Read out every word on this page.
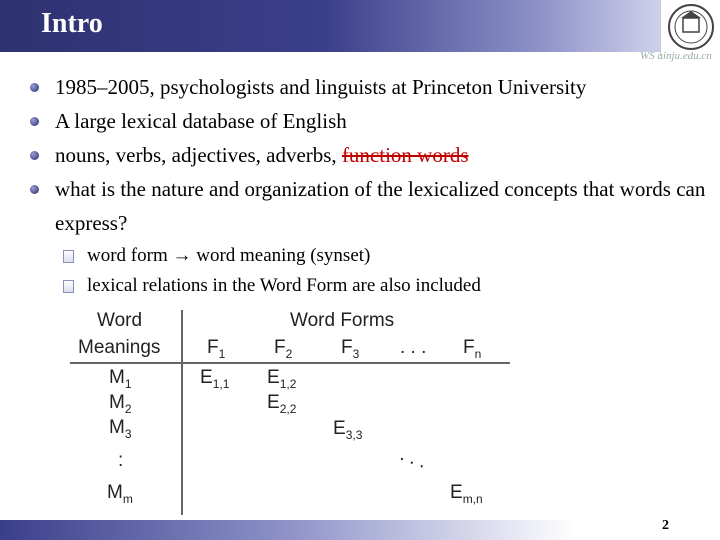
Intro
WS ainju.edu.cn
1985–2005, psychologists and linguists at Princeton University
A large lexical database of English
nouns, verbs, adjectives, adverbs, function words
what is the nature and organization of the lexicalized concepts that words can express?
word form → word meaning (synset)
lexical relations in the Word Form are also included
Word
Meanings
Word Forms
$F_1$	$F_2$	$F_3$ . . . $F_n$
$M_1$
$M_2$
$M_3$
:
$M_m$
$E_{1,1}$ $E_{1,2}$
$E_{2,2}$
$E_{3,3}$
. . .
$E_{m,n}$
2
